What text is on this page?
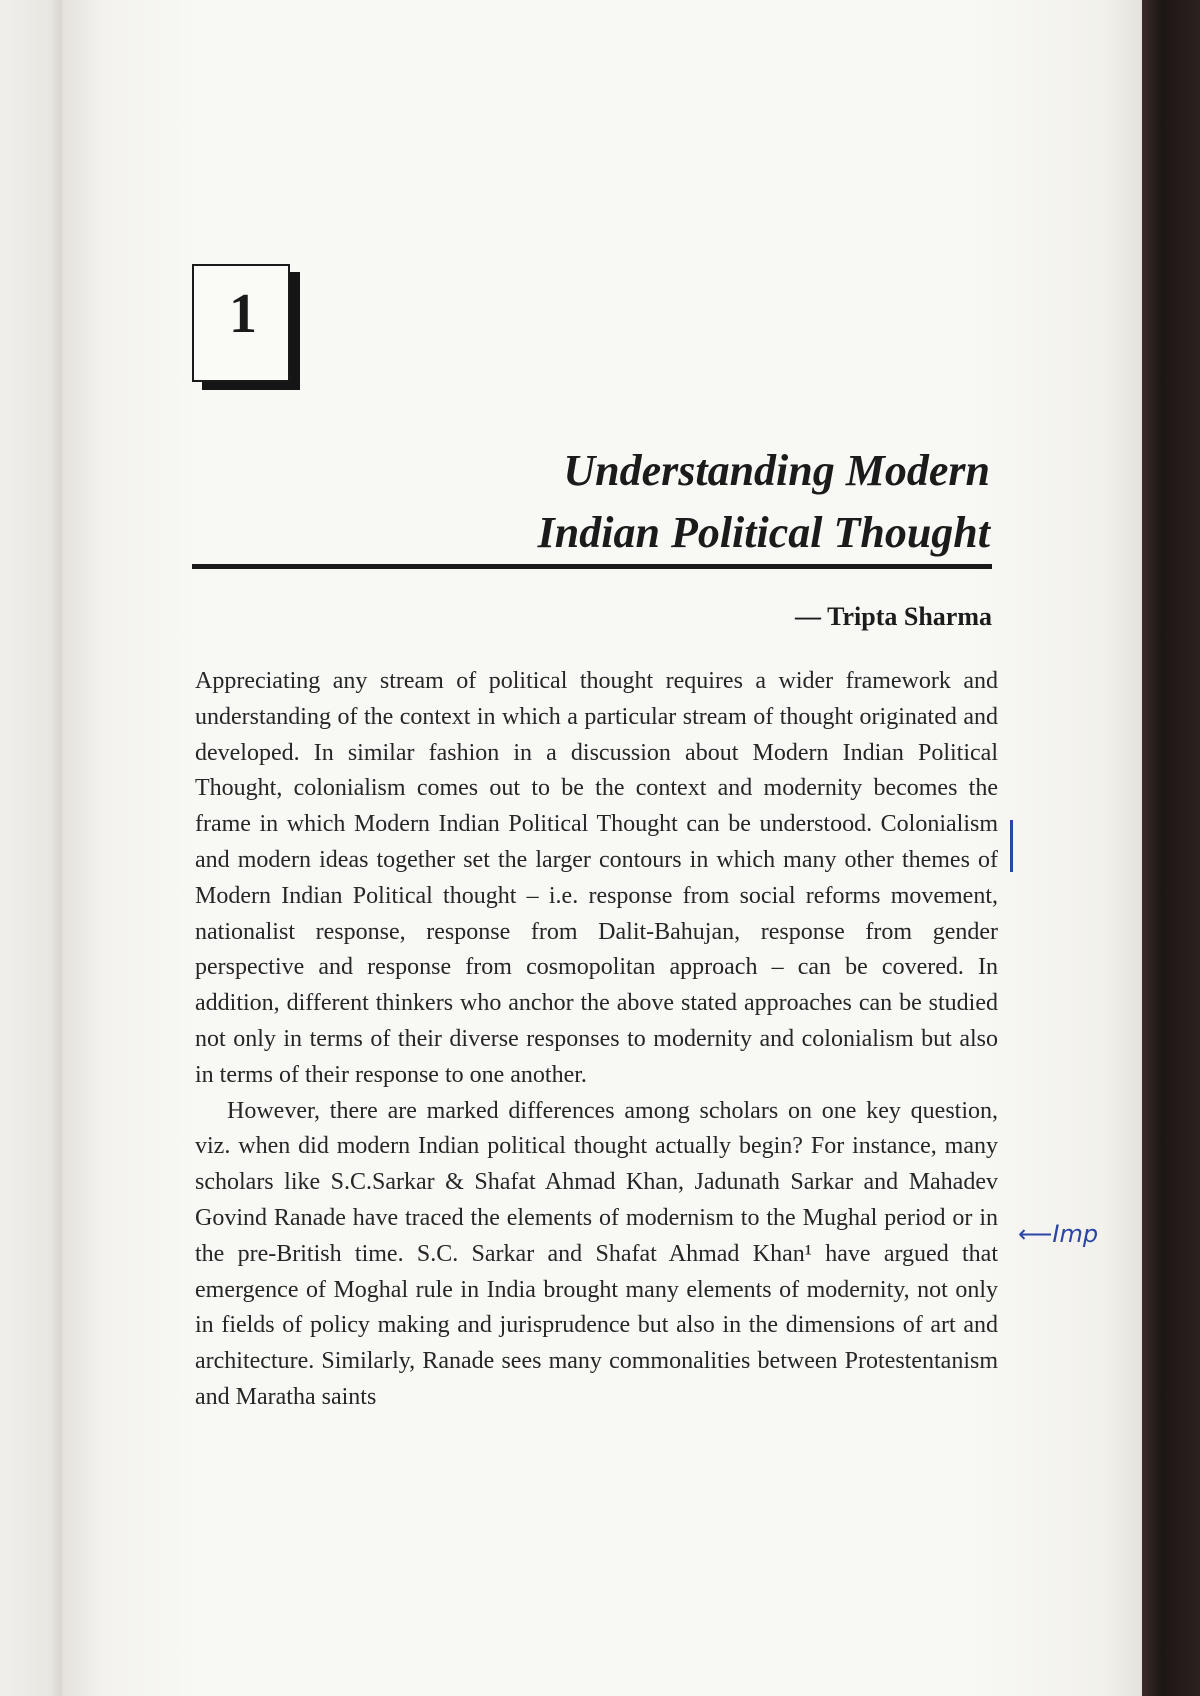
1
Understanding Modern
Indian Political Thought
— Tripta Sharma

Appreciating any stream of political thought requires a wider framework and understanding of the context in which a particular stream of thought originated and developed. In similar fashion in a discussion about Modern Indian Political Thought, colonialism comes out to be the context and modernity becomes the frame in which Modern Indian Political Thought can be understood. Colonialism and modern ideas together set the larger contours in which many other themes of Modern Indian Political thought – i.e. response from social reforms movement, nationalist response, response from Dalit-Bahujan, response from gender perspective and response from cosmopolitan approach – can be covered. In addition, different thinkers who anchor the above stated approaches can be studied not only in terms of their diverse responses to modernity and colonialism but also in terms of their response to one another.

However, there are marked differences among scholars on one key question, viz. when did modern Indian political thought actually begin? For instance, many scholars like S.C.Sarkar & Shafat Ahmad Khan, Jadunath Sarkar and Mahadev Govind Ranade have traced the elements of modernism to the Mughal period or in the pre-British time. S.C. Sarkar and Shafat Ahmad Khan¹ have argued that emergence of Moghal rule in India brought many elements of modernity, not only in fields of policy making and jurisprudence but also in the dimensions of art and architecture. Similarly, Ranade sees many commonalities between Protestentanism and Maratha saints

⟵Imp
